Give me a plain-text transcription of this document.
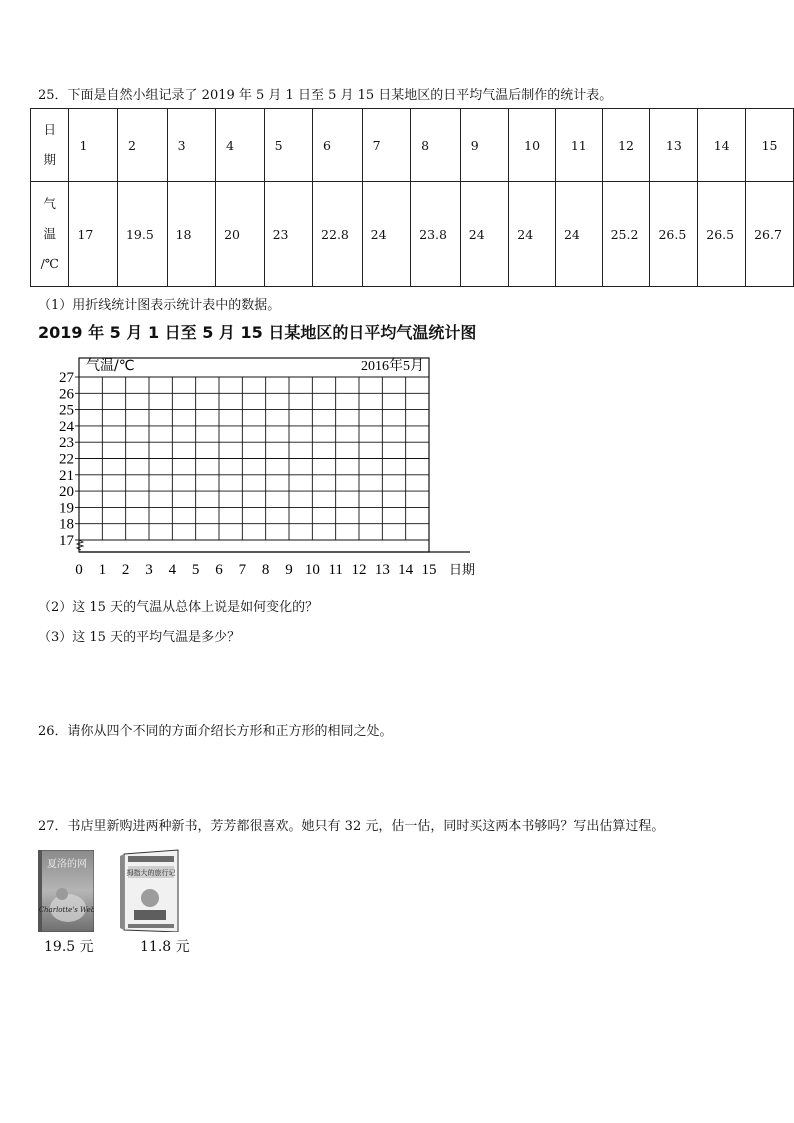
25．下面是自然小组记录了 2019 年 5 月 1 日至 5 月 15 日某地区的日平均气温后制作的统计表。
日
期	1	2	3	4	5	6	7	8	9	10	11	12	13	14	15

气
温
/℃	17	19.5	18	20	23	22.8	24	23.8	24	24	24	25.2	26.5	26.5	26.7
（1）用折线统计图表示统计表中的数据。
2019 年 5 月 1 日至 5 月 15 日某地区的日平均气温统计图
17
18
19
20
21
22
23
24
25
26
27
0 1 2 3 4 5 6 7 8 9 10 11 12 13 14 15 日期
气温/℃	2016年5月
（2）这 15 天的气温从总体上说是如何变化的？
（3）这 15 天的平均气温是多少？
26．请你从四个不同的方面介绍长方形和正方形的相同之处。
27．书店里新购进两种新书，芳芳都很喜欢。她只有 32 元，估一估，同时买这两本书够吗？写出估算过程。
夏洛的网
Charlotte's Web
19.5 元
拇指大的旅行记
11.8 元
